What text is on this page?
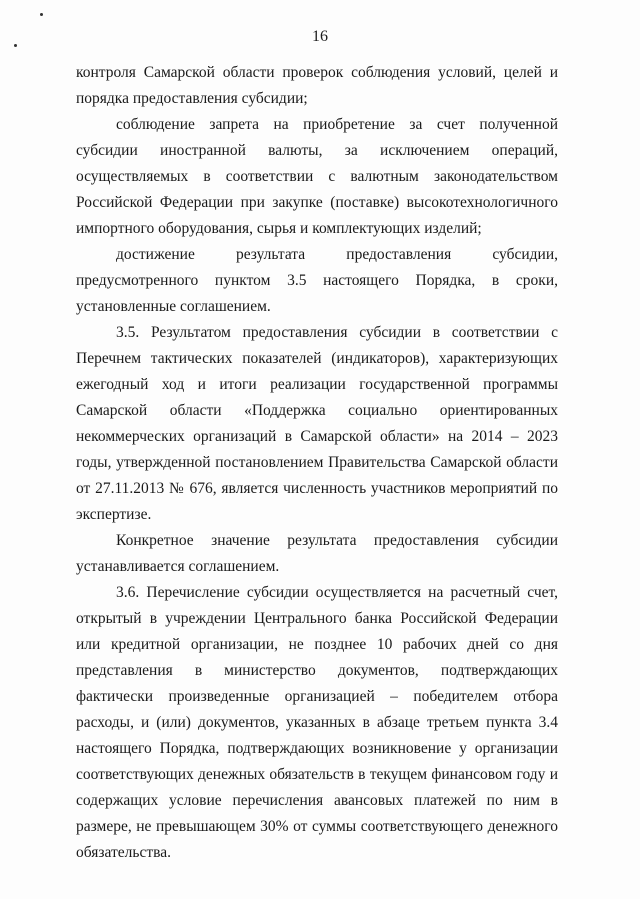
16

контроля Самарской области проверок соблюдения условий, целей и порядка предоставления субсидии;

соблюдение запрета на приобретение за счет полученной субсидии иностранной валюты, за исключением операций, осуществляемых в соответствии с валютным законодательством Российской Федерации при закупке (поставке) высокотехнологичного импортного оборудования, сырья и комплектующих изделий;

достижение результата предоставления субсидии, предусмотренного пунктом 3.5 настоящего Порядка, в сроки, установленные соглашением.

3.5. Результатом предоставления субсидии в соответствии с Перечнем тактических показателей (индикаторов), характеризующих ежегодный ход и итоги реализации государственной программы Самарской области «Поддержка социально ориентированных некоммерческих организаций в Самарской области» на 2014 – 2023 годы, утвержденной постановлением Правительства Самарской области от 27.11.2013 № 676, является численность участников мероприятий по экспертизе.

Конкретное значение результата предоставления субсидии устанавливается соглашением.

3.6. Перечисление субсидии осуществляется на расчетный счет, открытый в учреждении Центрального банка Российской Федерации или кредитной организации, не позднее 10 рабочих дней со дня представления в министерство документов, подтверждающих фактически произведенные организацией – победителем отбора расходы, и (или) документов, указанных в абзаце третьем пункта 3.4 настоящего Порядка, подтверждающих возникновение у организации соответствующих денежных обязательств в текущем финансовом году и содержащих условие перечисления авансовых платежей по ним в размере, не превышающем 30% от суммы соответствующего денежного обязательства.
